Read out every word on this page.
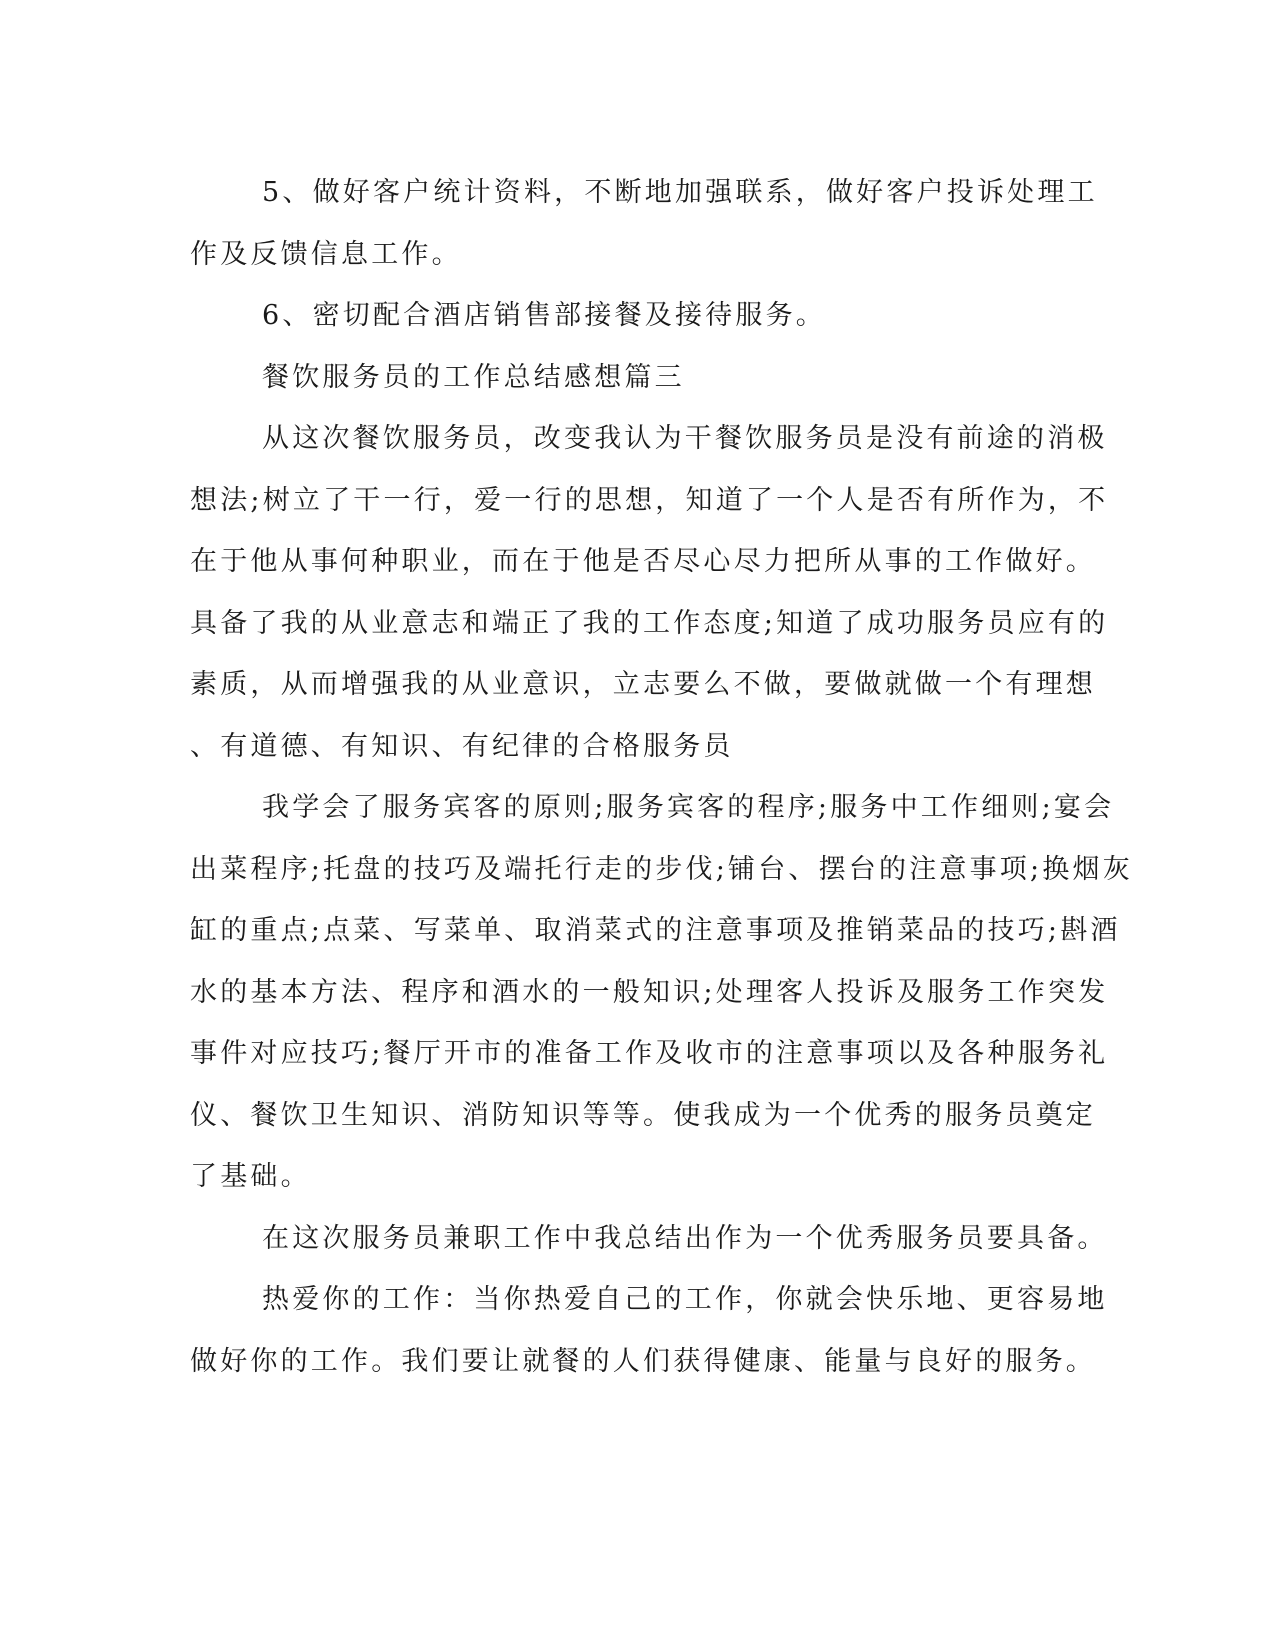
5、做好客户统计资料，不断地加强联系，做好客户投诉处理工
作及反馈信息工作。
6、密切配合酒店销售部接餐及接待服务。
餐饮服务员的工作总结感想篇三
从这次餐饮服务员，改变我认为干餐饮服务员是没有前途的消极
想法;树立了干一行，爱一行的思想，知道了一个人是否有所作为，不
在于他从事何种职业，而在于他是否尽心尽力把所从事的工作做好。
具备了我的从业意志和端正了我的工作态度;知道了成功服务员应有的
素质，从而增强我的从业意识，立志要么不做，要做就做一个有理想
、有道德、有知识、有纪律的合格服务员
我学会了服务宾客的原则;服务宾客的程序;服务中工作细则;宴会
出菜程序;托盘的技巧及端托行走的步伐;铺台、摆台的注意事项;换烟灰
缸的重点;点菜、写菜单、取消菜式的注意事项及推销菜品的技巧;斟酒
水的基本方法、程序和酒水的一般知识;处理客人投诉及服务工作突发
事件对应技巧;餐厅开市的准备工作及收市的注意事项以及各种服务礼
仪、餐饮卫生知识、消防知识等等。使我成为一个优秀的服务员奠定
了基础。
在这次服务员兼职工作中我总结出作为一个优秀服务员要具备。
热爱你的工作：当你热爱自己的工作，你就会快乐地、更容易地
做好你的工作。我们要让就餐的人们获得健康、能量与良好的服务。
